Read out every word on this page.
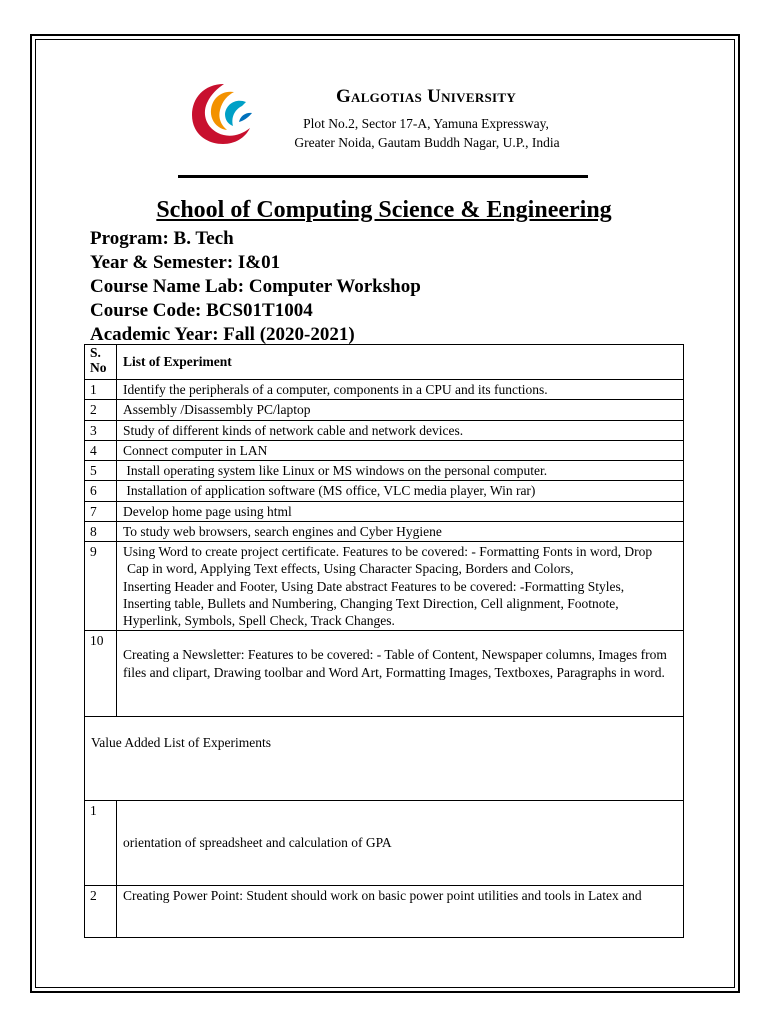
Galgotias University
Plot No.2, Sector 17-A, Yamuna Expressway,
Greater Noida, Gautam Buddh Nagar, U.P., India
School of Computing Science & Engineering
Program: B. Tech
Year & Semester: I&01
Course Name Lab: Computer Workshop
Course Code: BCS01T1004
Academic Year: Fall (2020-2021)
S.
No	List of Experiment
1	Identify the peripherals of a computer, components in a CPU and its functions.
2	Assembly /Disassembly PC/laptop
3	Study of different kinds of network cable and network devices.
4	Connect computer in LAN
5	Install operating system like Linux or MS windows on the personal computer.
6	Installation of application software (MS office, VLC media player, Win rar)
7	Develop home page using html
8	To study web browsers, search engines and Cyber Hygiene
9	Using Word to create project certificate. Features to be covered: - Formatting Fonts in word, Drop
Cap in word, Applying Text effects, Using Character Spacing, Borders and Colors,
Inserting Header and Footer, Using Date abstract Features to be covered: -Formatting Styles,
Inserting table, Bullets and Numbering, Changing Text Direction, Cell alignment, Footnote, Hyperlink, Symbols, Spell Check, Track Changes.

10	Creating a Newsletter: Features to be covered: - Table of Content, Newspaper columns, Images from files and clipart, Drawing toolbar and Word Art, Formatting Images, Textboxes, Paragraphs in word.
Value Added List of Experiments	
1	orientation of spreadsheet and calculation of GPA
2	Creating Power Point: Student should work on basic power point utilities and tools in Latex and
